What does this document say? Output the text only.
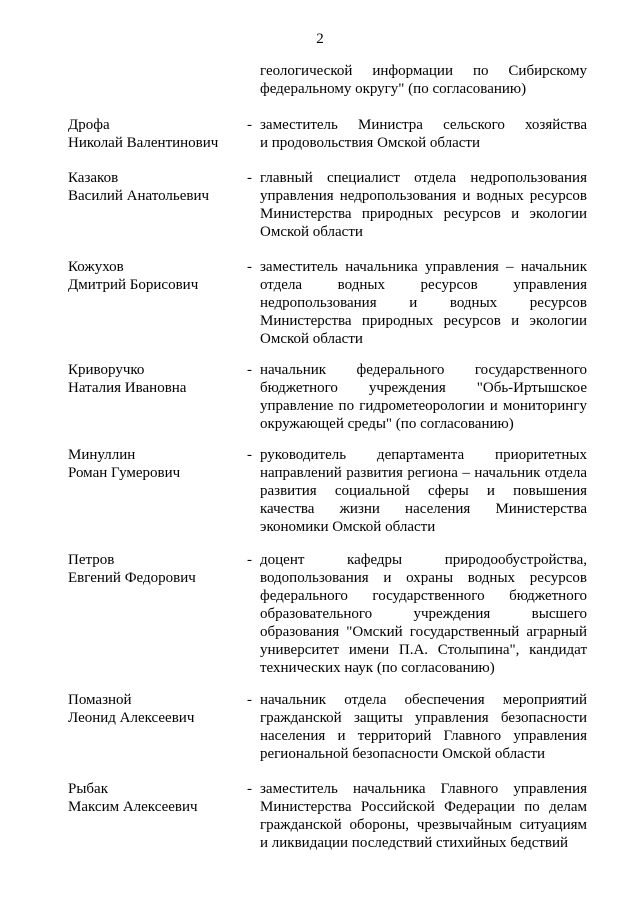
2
геологической информации по Сибирскому
федеральному округу" (по согласованию)
Дрофа
Николай Валентинович
- заместитель Министра сельского хозяйства
и продовольствия Омской области
Казаков
Василий Анатольевич
- главный специалист отдела недропользования
управления недропользования и водных ресурсов
Министерства природных ресурсов и экологии
Омской области
Кожухов
Дмитрий Борисович
- заместитель начальника управления – начальник
отдела водных ресурсов управления
недропользования и водных ресурсов
Министерства природных ресурсов и экологии
Омской области
Криворучко
Наталия Ивановна
- начальник федерального государственного
бюджетного учреждения "Обь-Иртышское
управление по гидрометеорологии и мониторингу
окружающей среды" (по согласованию)
Минуллин
Роман Гумерович
- руководитель департамента приоритетных
направлений развития региона – начальник отдела
развития социальной сферы и повышения
качества жизни населения Министерства
экономики Омской области
Петров
Евгений Федорович
- доцент кафедры природообустройства,
водопользования и охраны водных ресурсов
федерального государственного бюджетного
образовательного учреждения высшего
образования "Омский государственный аграрный
университет имени П.А. Столыпина", кандидат
технических наук (по согласованию)
Помазной
Леонид Алексеевич
- начальник отдела обеспечения мероприятий
гражданской защиты управления безопасности
населения и территорий Главного управления
региональной безопасности Омской области
Рыбак
Максим Алексеевич
- заместитель начальника Главного управления
Министерства Российской Федерации по делам
гражданской обороны, чрезвычайным ситуациям
и ликвидации последствий стихийных бедствий
